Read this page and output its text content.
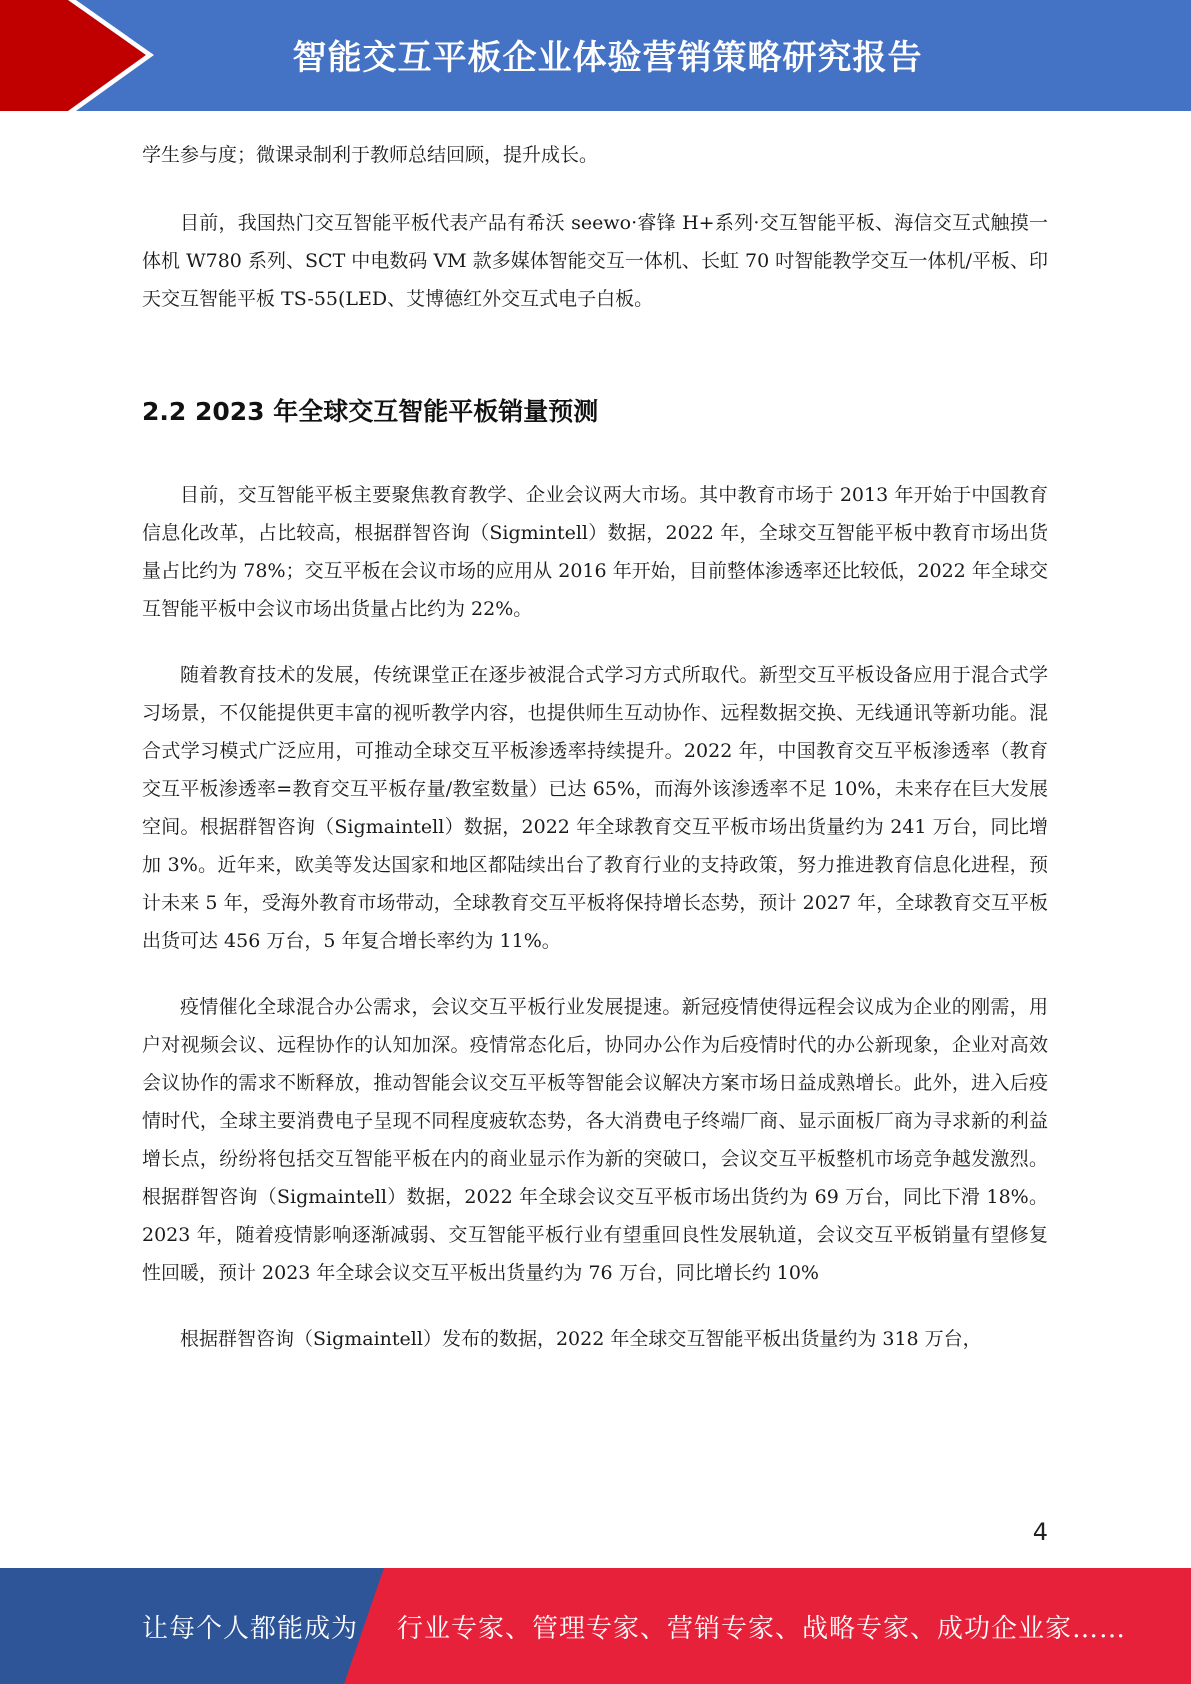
智能交互平板企业体验营销策略研究报告

学生参与度；微课录制利于教师总结回顾，提升成长。

目前，我国热门交互智能平板代表产品有希沃 seewo·睿锋 H+系列·交互智能平板、海信交互式触摸一体机 W780 系列、SCT 中电数码 VM 款多媒体智能交互一体机、长虹 70 吋智能教学交互一体机/平板、印天交互智能平板 TS-55(LED、艾博德红外交互式电子白板。

2.2 2023 年全球交互智能平板销量预测

目前，交互智能平板主要聚焦教育教学、企业会议两大市场。其中教育市场于 2013 年开始于中国教育信息化改革，占比较高，根据群智咨询（Sigmintell）数据，2022 年，全球交互智能平板中教育市场出货量占比约为 78%；交互平板在会议市场的应用从 2016 年开始，目前整体渗透率还比较低，2022 年全球交互智能平板中会议市场出货量占比约为 22%。

随着教育技术的发展，传统课堂正在逐步被混合式学习方式所取代。新型交互平板设备应用于混合式学习场景，不仅能提供更丰富的视听教学内容，也提供师生互动协作、远程数据交换、无线通讯等新功能。混合式学习模式广泛应用，可推动全球交互平板渗透率持续提升。2022 年，中国教育交互平板渗透率（教育交互平板渗透率=教育交互平板存量/教室数量）已达 65%，而海外该渗透率不足 10%，未来存在巨大发展空间。根据群智咨询（Sigmaintell）数据，2022 年全球教育交互平板市场出货量约为 241 万台，同比增加 3%。近年来，欧美等发达国家和地区都陆续出台了教育行业的支持政策，努力推进教育信息化进程，预计未来 5 年，受海外教育市场带动，全球教育交互平板将保持增长态势，预计 2027 年，全球教育交互平板出货可达 456 万台，5 年复合增长率约为 11%。

疫情催化全球混合办公需求，会议交互平板行业发展提速。新冠疫情使得远程会议成为企业的刚需，用户对视频会议、远程协作的认知加深。疫情常态化后，协同办公作为后疫情时代的办公新现象，企业对高效会议协作的需求不断释放，推动智能会议交互平板等智能会议解决方案市场日益成熟增长。此外，进入后疫情时代，全球主要消费电子呈现不同程度疲软态势，各大消费电子终端厂商、显示面板厂商为寻求新的利益增长点，纷纷将包括交互智能平板在内的商业显示作为新的突破口，会议交互平板整机市场竞争越发激烈。根据群智咨询（Sigmaintell）数据，2022 年全球会议交互平板市场出货约为 69 万台，同比下滑 18%。2023 年，随着疫情影响逐渐减弱、交互智能平板行业有望重回良性发展轨道，会议交互平板销量有望修复性回暖，预计 2023 年全球会议交互平板出货量约为 76 万台，同比增长约 10%

根据群智咨询（Sigmaintell）发布的数据，2022 年全球交互智能平板出货量约为 318 万台，

4
让每个人都能成为 行业专家、管理专家、营销专家、战略专家、成功企业家……
